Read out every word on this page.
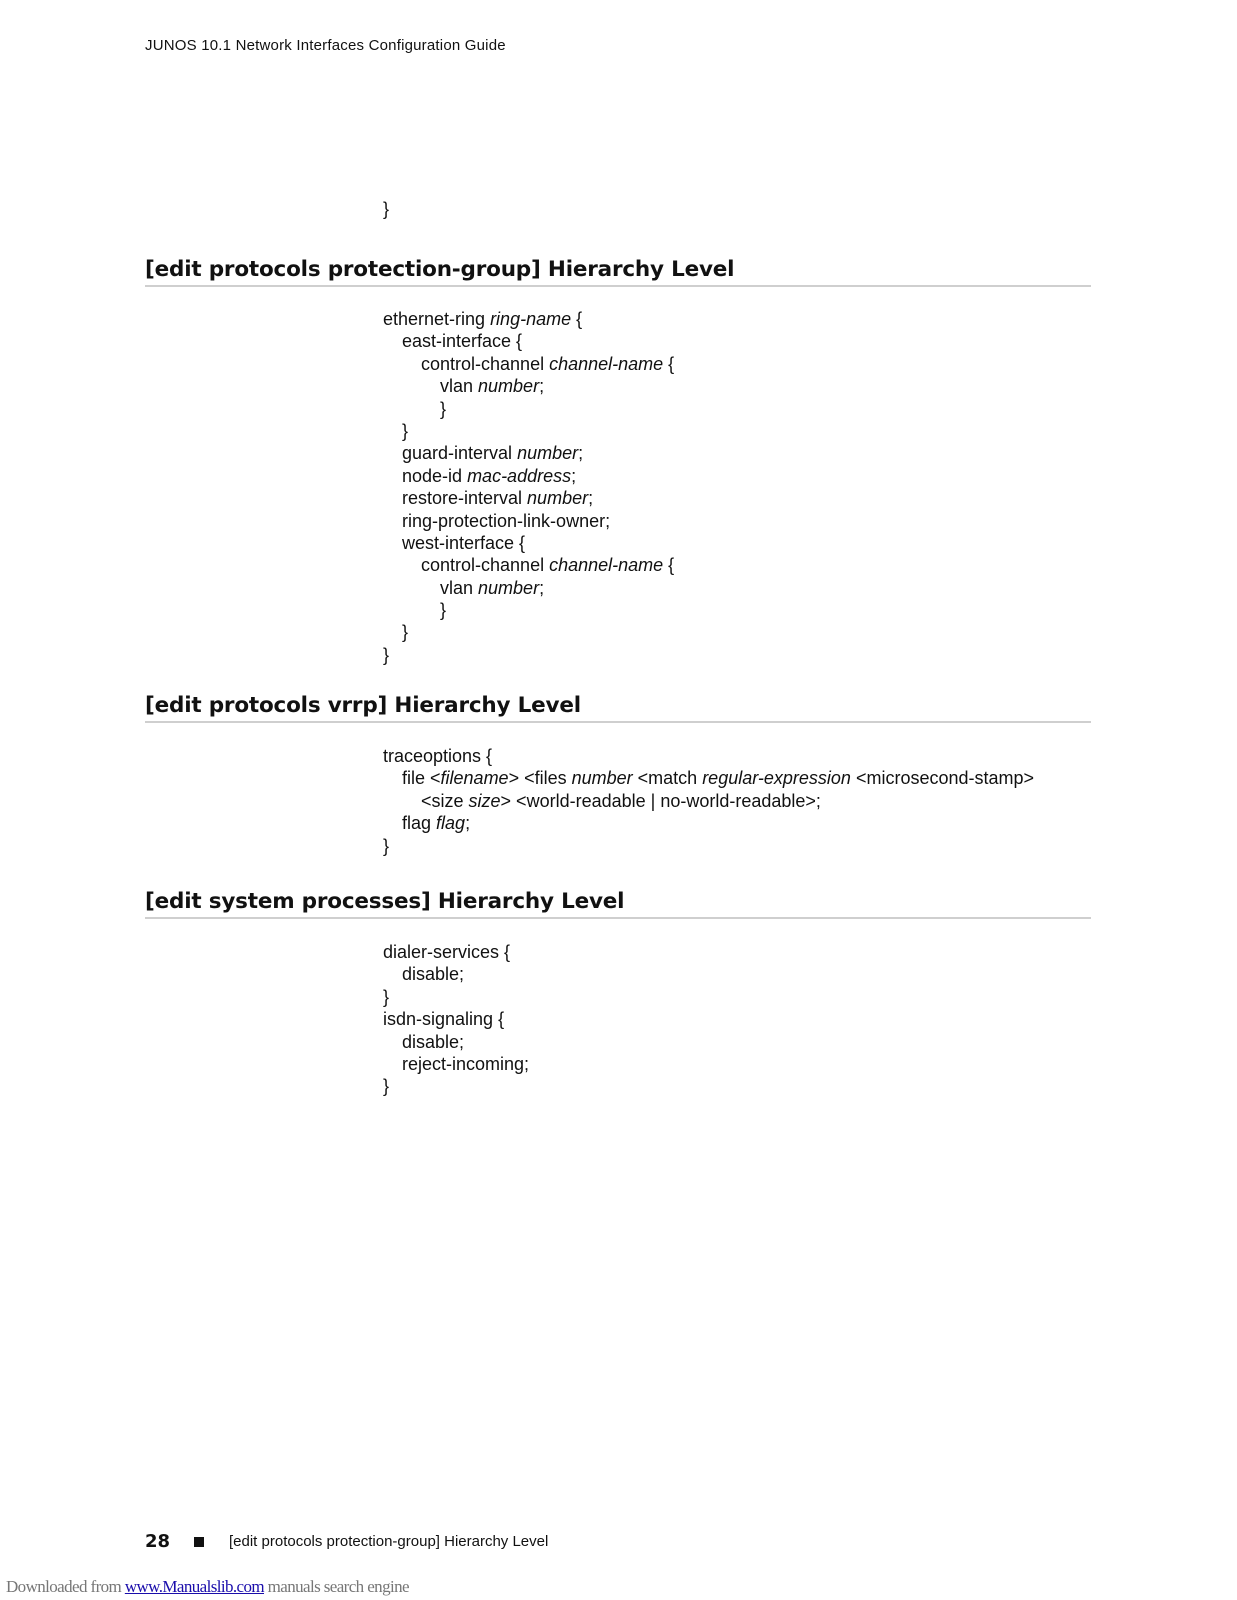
JUNOS 10.1 Network Interfaces Configuration Guide
}
[edit protocols protection-group] Hierarchy Level
ethernet-ring ring-name {
east-interface {
control-channel channel-name {
vlan number;
}
}
guard-interval number;
node-id mac-address;
restore-interval number;
ring-protection-link-owner;
west-interface {
control-channel channel-name {
vlan number;
}
}
}
[edit protocols vrrp] Hierarchy Level
traceoptions {
file <filename> <files number <match regular-expression <microsecond-stamp>
<size size> <world-readable | no-world-readable>;
flag flag;
}
[edit system processes] Hierarchy Level
dialer-services {
disable;
}
isdn-signaling {
disable;
reject-incoming;
}
28	[edit protocols protection-group] Hierarchy Level
Downloaded from www.Manualslib.com manuals search engine
